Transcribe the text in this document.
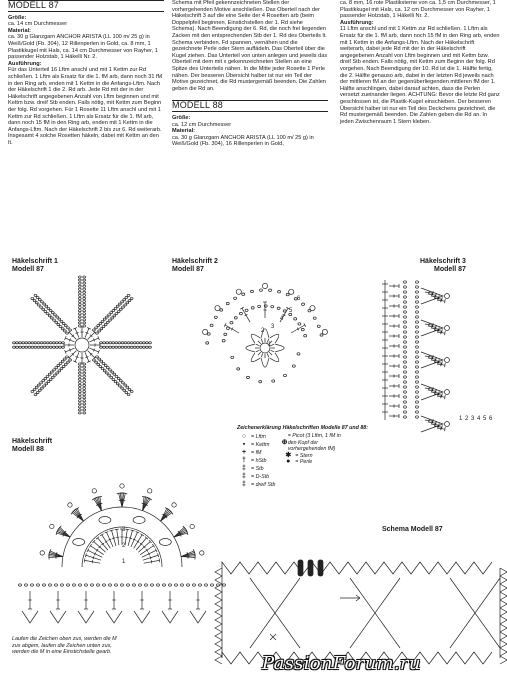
MODELL 87

Größe:

ca. 14 cm Durchmesser

Material:

ca. 30 g Glanzgarn ANCHOR ARISTA (LL 100 m/ 25 g) in Weiß/Gold (Fb. 304), 12 Rillenperlen in Gold, ca. 8 mm, 1 Plastikkugel mit Hals, ca. 14 cm Durchmesser von Rayher, 1 passender Holzstab, 1 Häkelli Nr. 2.

Ausführung:

Für das Unterteil 16 Lftm anschl und mit 1 Kettm zur Rd schließen. 1 Lftm als Ersatz für die 1. fM arb, dann noch 31 fM in den Ring arb, enden mit 1 Kettm in die Anfangs-Lftm. Nach der Häkelschrift 1 die 2. Rd arb. Jede Rd mit der in der Häkelschrift angegebenen Anzahl von Lftm beginnen und mit Kettm bzw. dreif Stb enden. Falls nötig, mit Kettm zum Beginn der folg. Rd vorgehen. Für 1 Rosette 11 Lftm anschl und mit 1 Kettm zur Rd schließen. 1 Lftm als Ersatz für die 1. fM arb, dann noch 15 fM in den Ring arb, enden mit 1 Kettm in die Anfangs-Lftm. Nach der Häkelschrift 2 bis zur 6. Rd weiterarb. Insgesamt 4 solche Rosetten häkeln, dabei mit Kettm an den It.

Schema mit Pfeil gekennzeichneten Stellen der vorhergehenden Motive anschließen. Das Oberteil nach der Häkelschrift 3 auf die eine Seite der 4 Rosetten arb (beim Doppelpfeil beginnen, Einstichstellen der 1. Rd siehe Schema). Nach Beendigung der 6. Rd, die noch frei liegenden Zacken mit den entsprechenden Stb der 1. Rd des Oberteils lt. Schema verbinden. Fd spannen, vernähen und die gezeichnete Perle oder Stern auffädeln. Das Oberteil über die Kugel ziehen. Das Unterteil von unten anlegen und jeweils das Oberteil mit dem mit x gekennzeichneten Stellen an eine Spitze des Unterteils nähen. In die Mitte jeder Rosette 1 Perle nähen. Der besseren Übersicht halber ist nur ein Teil der Motive gezeichnet, die Rd mustergemäß beenden. Die Zahlen geben die Rd an.

MODELL 88

Größe:

ca. 12 cm Durchmesser

Material:

ca. 30 g Glanzgarn ANCHOR ARISTA (LL 100 m/ 25 g) in Weiß/Gold (Fb. 304), 16 Rillenperlen in Gold,

ca. 8 mm, 16 rote Plastiksterne von ca. 1,5 cm Durchmesser, 1 Plastikkugel mit Hals, ca. 12 cm Durchmesser von Rayher, 1 passender Holzstab, 1 Häkelli Nr. 2.

Ausführung:

11 Lftm anschl und mit 1 Kettm zur Rd schließen. 1 Lftm als Ersatz für die 1. fM arb, dann noch 15 fM in den Ring arb, enden mit 1 Kettm in die Anfangs-Lftm. Nach der Häkelschrift weiterarb, dabei jede Rd mit der in der Häkelschrift angegebenen Anzahl von Lftm beginnen und mit Kettm bzw. dreif Stb enden. Falls nötig, mit Kettm zum Beginn der folg. Rd vorgehen. Nach Beendigung der 10. Rd ist die 1. Hälfte fertig, die 2. Hälfte genauso arb, dabei in der letzten Rd jeweils nach der mittleren fM an der gegenüberliegenden mittleren fM der 1. Hälfte anschlingen, dabei darauf achten, dass die Perlen versetzt zueinander liegen. ACHTUNG: Bevor die letzte Rd ganz geschlossen ist, die Plastik-Kugel einschieben. Der besseren Übersicht halber ist nur ein Teil des Deckchens gezeichnet, die Rd mustergemäß beenden. Die Zahlen geben die Rd an. In jeden Zwischenraum 1 Stern kleben.

Häkelschrift 1
Modell 87
Häkelschrift 2
Modell 87
Häkelschrift 3
Modell 87
Häkelschrift
Modell 88
Schema Modell 87
1
2
3
4
5
6
1 2 3 4 5 6
1
2
3
Zeichenerklärung Häkelschriften Modelle 87 und 88:
○ = Lftm
▪	= Kettm
+ = fM
† = hStb
‡ = Stb
‡ = D-Stb
‡ = dreif Stb
⊕
= Picot (3 Lftm, 1 fM in den Kopf der vorhergehenden fM)
✱ = Stern
● = Perle
Laufen die Zeichen oben zus, werden die M zus abgem, laufen die Zeichen unten zus, werden die M in eine Einstichstelle gearb.
PassionForum.ru
